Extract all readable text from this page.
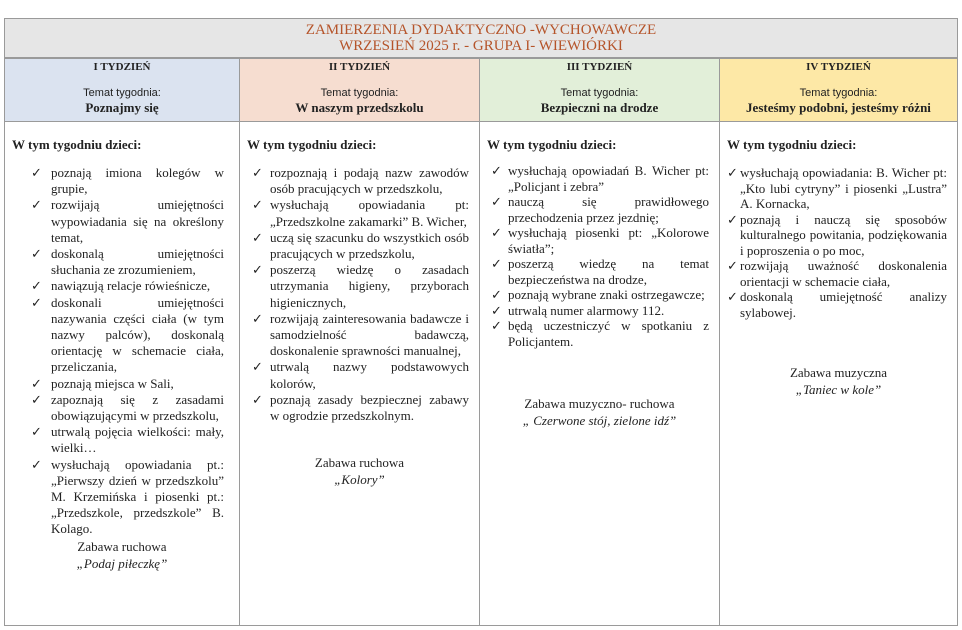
ZAMIERZENIA DYDAKTYCZNO -WYCHOWAWCZE
WRZESIEŃ 2025 r. - GRUPA I- WIEWIÓRKI
I TYDZIEŃ
Temat tygodnia:
Poznajmy się
W tym tygodniu dzieci:
✓ poznają imiona kolegów w grupie,
✓ rozwijają umiejętności wypowiadania się na określony temat,
✓ doskonalą umiejętności słuchania ze zrozumieniem,
✓ nawiązują relacje rówieśnicze,
✓ doskonali umiejętności nazywania części ciała (w tym nazwy palców), doskonalą orientację w schemacie ciała, przeliczania,
✓ poznają miejsca w Sali,
✓ zapoznają się z zasadami obowiązującymi w przedszkolu,
✓ utrwalą pojęcia wielkości: mały, wielki…
✓ wysłuchają opowiadania pt.: „Pierwszy dzień w przedszkolu” M. Krzemińska i piosenki pt.: „Przedszkole, przedszkole” B. Kolago.
Zabawa ruchowa
„Podaj piłeczkę”
II TYDZIEŃ
Temat tygodnia:
W naszym przedszkolu
W tym tygodniu dzieci:
✓ rozpoznają i podają nazw zawodów osób pracujących w przedszkolu,
✓ wysłuchają opowiadania pt: „Przedszkolne zakamarki” B. Wicher,
✓ uczą się szacunku do wszystkich osób pracujących w przedszkolu,
✓ poszerzą wiedzę o zasadach utrzymania higieny, przyborach higienicznych,
✓ rozwijają zainteresowania badawcze i samodzielność badawczą, doskonalenie sprawności manualnej,
✓ utrwalą nazwy podstawowych kolorów,
✓ poznają zasady bezpiecznej zabawy w ogrodzie przedszkolnym.
Zabawa ruchowa
„Kolory”
III TYDZIEŃ
Temat tygodnia:
Bezpieczni na drodze
W tym tygodniu dzieci:
✓ wysłuchają opowiadań B. Wicher pt: „Policjant i zebra”
✓ nauczą się prawidłowego przechodzenia przez jezdnię;
✓ wysłuchają piosenki pt: „Kolorowe światła”;
✓ poszerzą wiedzę na temat bezpieczeństwa na drodze,
✓ poznają wybrane znaki ostrzegawcze;
✓ utrwalą numer alarmowy 112.
✓ będą uczestniczyć w spotkaniu z Policjantem.
Zabawa muzyczno- ruchowa
„ Czerwone stój, zielone idź”
IV TYDZIEŃ
Temat tygodnia:
Jesteśmy podobni, jesteśmy różni
W tym tygodniu dzieci:
✓ wysłuchają opowiadania: B. Wicher pt: „Kto lubi cytryny” i piosenki „Lustra” A. Kornacka,
✓ poznają i nauczą się sposobów kulturalnego powitania, podziękowania i poproszenia o po moc,
✓ rozwijają uważność doskonalenia orientacji w schemacie ciała,
✓ doskonalą umiejętność analizy sylabowej.
Zabawa muzyczna
„Taniec w kole”
